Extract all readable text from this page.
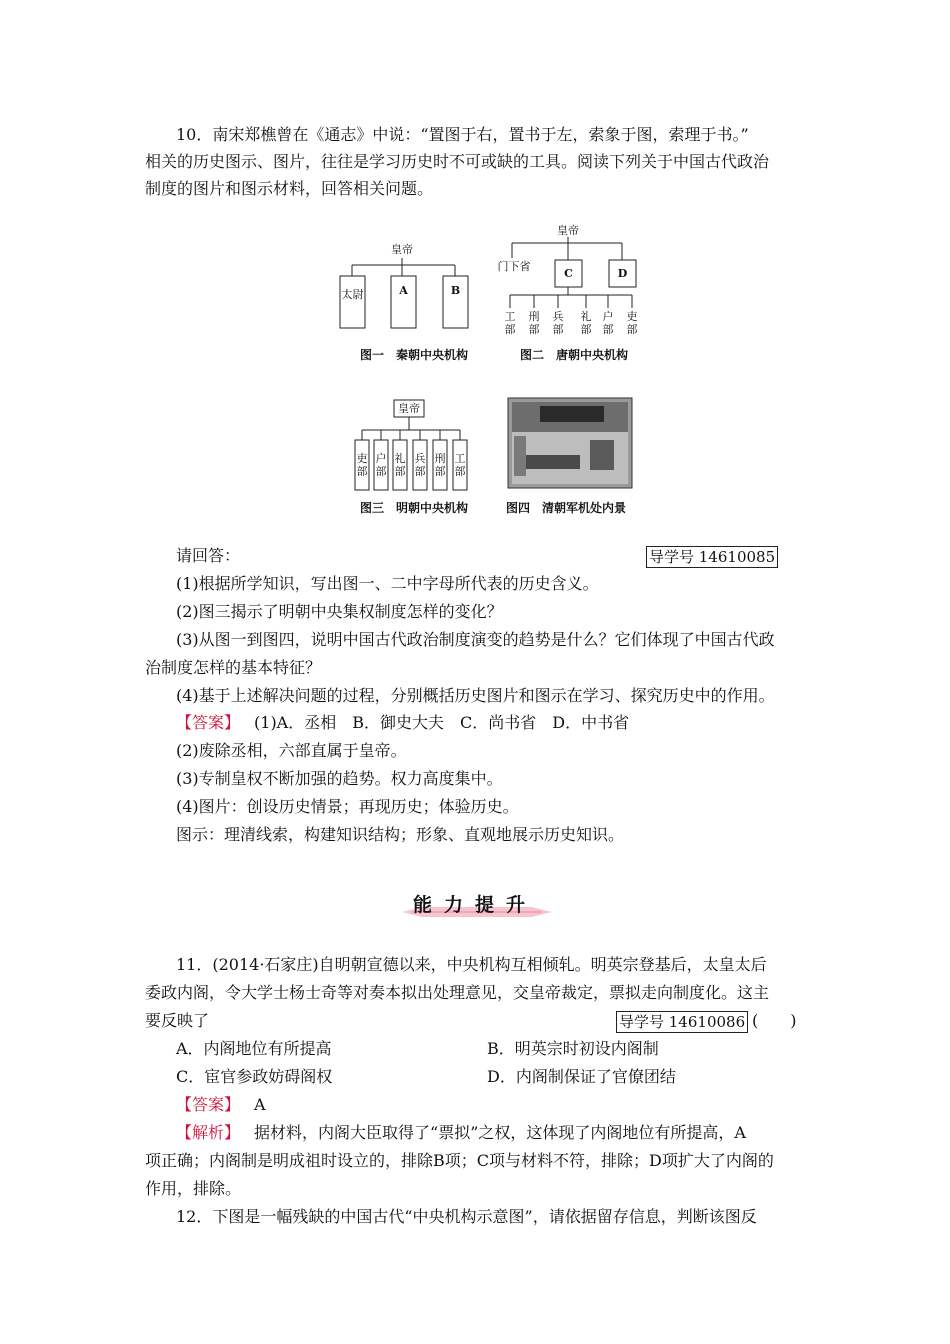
10．南宋郑樵曾在《通志》中说：“置图于右，置书于左，索象于图，索理于书。”
相关的历史图示、图片，往往是学习历史时不可或缺的工具。阅读下列关于中国古代政治
制度的图片和图示材料，回答相关问题。
皇帝
太尉	A	B
图一　秦朝中央机构
皇帝
门下省
C	D
工部
刑部
兵部
礼部
户部
吏部
图二　唐朝中央机构
皇帝
吏部
户部
礼部
兵部
刑部
工部
图三　明朝中央机构	图四　清朝军机处内景
请回答：	导学号 14610085
(1)根据所学知识，写出图一、二中字母所代表的历史含义。
(2)图三揭示了明朝中央集权制度怎样的变化？
(3)从图一到图四，说明中国古代政治制度演变的趋势是什么？它们体现了中国古代政
治制度怎样的基本特征？
(4)基于上述解决问题的过程，分别概括历史图片和图示在学习、探究历史中的作用。
【答案】 (1)A．丞相　B．御史大夫　C．尚书省　D．中书省
(2)废除丞相，六部直属于皇帝。
(3)专制皇权不断加强的趋势。权力高度集中。
(4)图片：创设历史情景；再现历史；体验历史。
图示：理清线索，构建知识结构；形象、直观地展示历史知识。
能力提升
11．(2014·石家庄)自明朝宣德以来，中央机构互相倾轧。明英宗登基后，太皇太后
委政内阁，令大学士杨士奇等对奏本拟出处理意见，交皇帝裁定，票拟走向制度化。这主
要反映了	导学号 14610086 (　　)
A．内阁地位有所提高	B．明英宗时初设内阁制
C．宦官参政妨碍阁权	D．内阁制保证了官僚团结
【答案】 A
【解析】 据材料，内阁大臣取得了“票拟”之权，这体现了内阁地位有所提高，A
项正确；内阁制是明成祖时设立的，排除B项；C项与材料不符，排除；D项扩大了内阁的
作用，排除。
12．下图是一幅残缺的中国古代“中央机构示意图”，请依据留存信息，判断该图反
